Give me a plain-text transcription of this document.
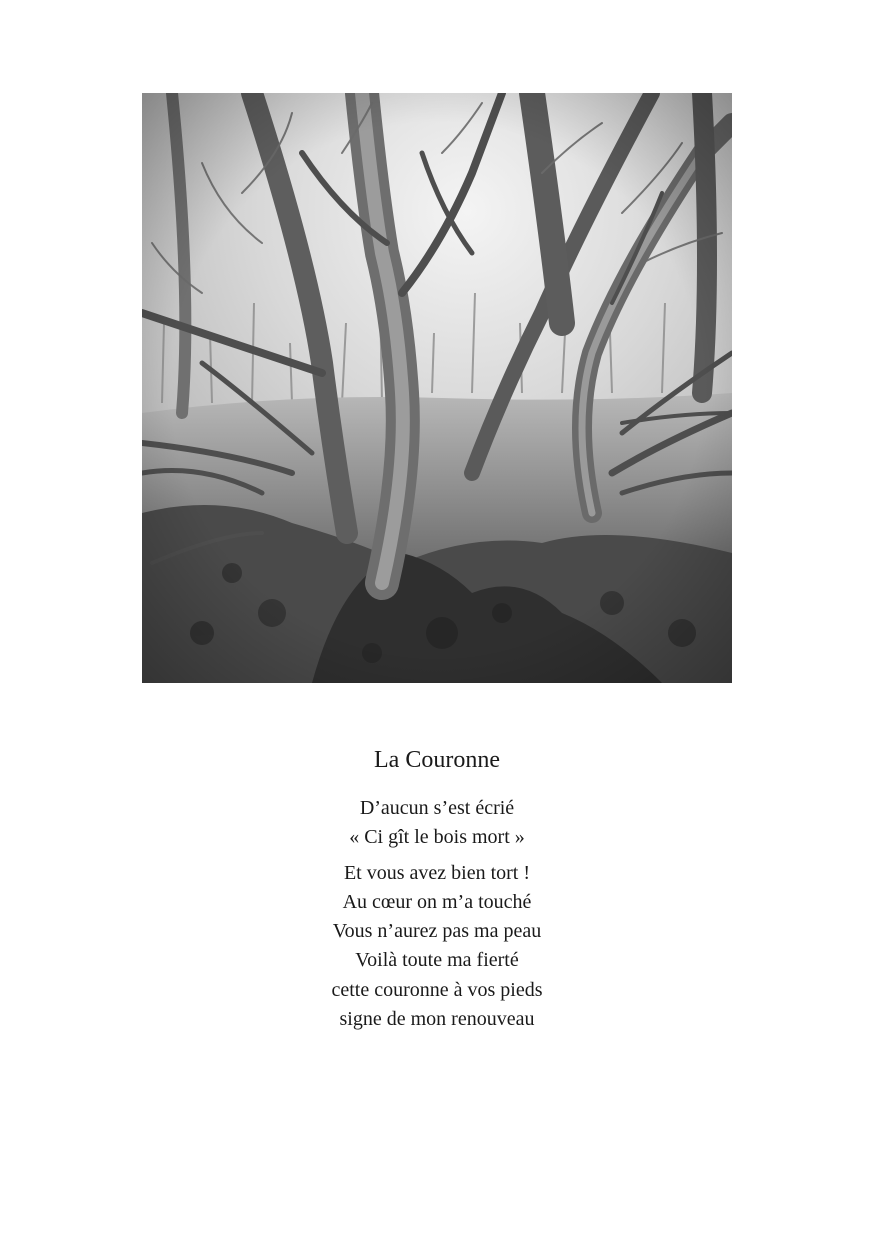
La Couronne
D’aucun s’est écrié
« Ci gît le bois mort »
Et vous avez bien tort !
Au cœur on m’a touché
Vous n’aurez pas ma peau
Voilà toute ma fierté
cette couronne à vos pieds
signe de mon renouveau
